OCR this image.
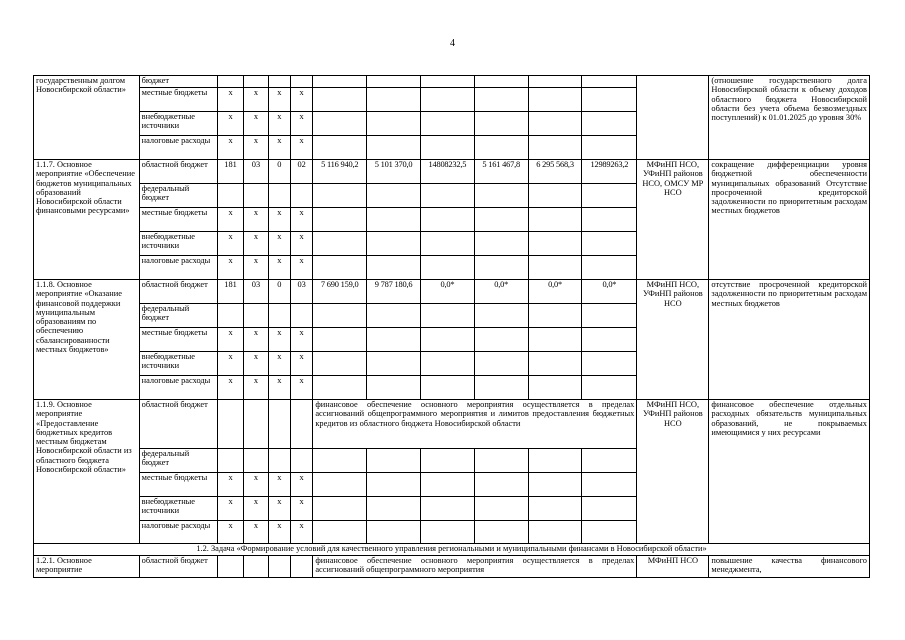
4
государственным долгом Новосибирской области»	бюджет												(отношение государственного долга Новосибирской области к объему доходов областного бюджета Новосибирской области без учета объема безвозмездных поступлений) к 01.01.2025 до уровня 30%
	местные бюджеты	х	х	х	х								
	внебюджетные источники	х	х	х	х								
	налоговые расходы	х	х	х	х								
1.1.7. Основное мероприятие «Обеспечение бюджетов муниципальных образований Новосибирской области финансовыми ресурсами»	областной бюджет	181	03	0	02	5 116 940,2	5 101 370,0	14808232,5	5 161 467,8	6 295 568,3	12989263,2	МФиНП НСО, УФиНП районов НСО, ОМСУ МР НСО	сокращение дифференциации уровня бюджетной обеспеченности муниципальных образований Отсутствие просроченной кредиторской задолженности по приоритетным расходам местных бюджетов
	федеральный бюджет												
	местные бюджеты	х	х	х	х								
	внебюджетные источники	х	х	х	х								
	налоговые расходы	х	х	х	х								
1.1.8. Основное мероприятие «Оказание финансовой поддержки муниципальным образованиям по обеспечению сбалансированности местных бюджетов»	областной бюджет	181	03	0	03	7 690 159,0	9 787 180,6	0,0*	0,0*	0,0*	0,0*	МФиНП НСО, УФиНП районов НСО	отсутствие просроченной кредиторской задолженности по приоритетным расходам местных бюджетов
	федеральный бюджет												
	местные бюджеты	х	х	х	х								
	внебюджетные источники	х	х	х	х								
	налоговые расходы	х	х	х	х								
1.1.9. Основное мероприятие «Предоставление бюджетных кредитов местным бюджетам Новосибирской области из областного бюджета Новосибирской области»	областной бюджет					финансовое обеспечение основного мероприятия осуществляется в пределах ассигнований общепрограммного мероприятия и лимитов предоставления бюджетных кредитов из областного бюджета Новосибирской области						МФиНП НСО, УФиНП районов НСО	финансовое обеспечение отдельных расходных обязательств муниципальных образований, не покрываемых имеющимися у них ресурсами
	федеральный бюджет												
	местные бюджеты	х	х	х	х								
	внебюджетные источники	х	х	х	х								
	налоговые расходы	х	х	х	х								
1.2. Задача «Формирование условий для качественного управления региональными и муниципальными финансами в Новосибирской области»													
1.2.1. Основное мероприятие	областной бюджет					финансовое обеспечение основного мероприятия осуществляется в пределах ассигнований общепрограммного мероприятия						МФиНП НСО	повышение качества финансового менеджмента,
